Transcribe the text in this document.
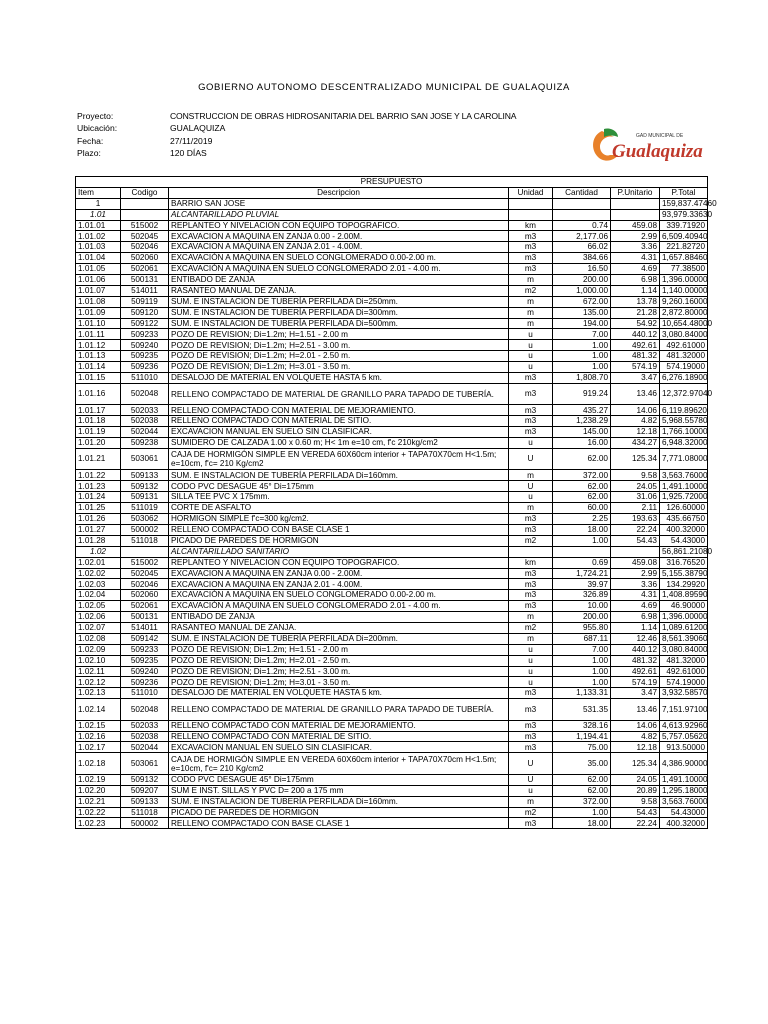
GOBIERNO AUTONOMO DESCENTRALIZADO MUNICIPAL DE GUALAQUIZA
Proyecto:	CONSTRUCCION DE OBRAS HIDROSANITARIA DEL BARRIO SAN JOSE Y LA CAROLINA
Ubicación:	GUALAQUIZA
Fecha:	27/11/2019
Plazo:	120 DÍAS
GAD MUNICIPAL DE
Gualaquiza
PRESUPUESTO						
Item	Codigo	Descripcion	Unidad	Cantidad	P.Unitario	P.Total
1		BARRIO SAN JOSE				159,837.47460
1.01		ALCANTARILLADO PLUVIAL				93,979.33630
1.01.01	515002	REPLANTEO Y NIVELACION CON EQUIPO TOPOGRAFICO.	km	0.74	459.08	339.71920
1.01.02	502045	EXCAVACION A MAQUINA EN ZANJA 0.00 - 2.00M.	m3	2,177.06	2.99	6,509.40940
1.01.03	502046	EXCAVACION A MAQUINA EN ZANJA 2.01 - 4.00M.	m3	66.02	3.36	221.82720
1.01.04	502060	EXCAVACIÓN A MAQUINA EN SUELO CONGLOMERADO 0.00-2.00 m.	m3	384.66	4.31	1,657.88460
1.01.05	502061	EXCAVACIÓN A MAQUINA EN SUELO CONGLOMERADO 2.01 - 4.00 m.	m3	16.50	4.69	77.38500
1.01.06	500131	ENTIBADO DE ZANJA	m	200.00	6.98	1,396.00000
1.01.07	514011	RASANTEO MANUAL DE ZANJA.	m2	1,000.00	1.14	1,140.00000
1.01.08	509119	SUM. E INSTALACION DE TUBERÍA PERFILADA Di=250mm.	m	672.00	13.78	9,260.16000
1.01.09	509120	SUM. E INSTALACION DE TUBERÍA PERFILADA Di=300mm.	m	135.00	21.28	2,872.80000
1.01.10	509122	SUM. E INSTALACION DE TUBERÍA PERFILADA Di=500mm.	m	194.00	54.92	10,654.48000
1.01.11	509233	POZO DE REVISION; Di=1.2m; H=1.51 - 2.00 m	u	7.00	440.12	3,080.84000
1.01.12	509240	POZO DE REVISION; Di=1.2m; H=2.51 - 3.00 m.	u	1.00	492.61	492.61000
1.01.13	509235	POZO DE REVISION; Di=1.2m; H=2.01 - 2.50 m.	u	1.00	481.32	481.32000
1.01.14	509236	POZO DE REVISION; Di=1.2m; H=3.01 - 3.50 m.	u	1.00	574.19	574.19000
1.01.15	511010	DESALOJO DE MATERIAL EN VOLQUETE HASTA 5 km.	m3	1,808.70	3.47	6,276.18900
1.01.16	502048	RELLENO COMPACTADO DE MATERIAL DE GRANILLO PARA TAPADO DE TUBERÍA.	m3	919.24	13.46	12,372.97040
1.01.17	502033	RELLENO COMPACTADO CON MATERIAL DE MEJORAMIENTO.	m3	435.27	14.06	6,119.89620
1.01.18	502038	RELLENO COMPACTADO CON MATERIAL DE SITIO.	m3	1,238.29	4.82	5,968.55780
1.01.19	502044	EXCAVACION MANUAL EN SUELO SIN CLASIFICAR.	m3	145.00	12.18	1,766.10000
1.01.20	509238	SUMIDERO DE CALZADA 1.00 x 0.60 m; H< 1m e=10 cm, f'c 210kg/cm2	u	16.00	434.27	6,948.32000
1.01.21	503061	CAJA DE HORMIGÓN SIMPLE EN VEREDA 60X60cm interior + TAPA70X70cm H<1.5m; e=10cm, f'c= 210 Kg/cm2	U	62.00	125.34	7,771.08000
1.01.22	509133	SUM. E INSTALACION DE TUBERÍA PERFILADA Di=160mm.	m	372.00	9.58	3,563.76000
1.01.23	509132	CODO PVC DESAGUE 45° Di=175mm	U	62.00	24.05	1,491.10000
1.01.24	509131	SILLA TEE PVC X 175mm.	u	62.00	31.06	1,925.72000
1.01.25	511019	CORTE DE ASFALTO	m	60.00	2.11	126.60000
1.01.26	503062	HORMIGON SIMPLE f'c=300 kg/cm2.	m3	2.25	193.63	435.66750
1.01.27	500002	RELLENO COMPACTADO CON BASE CLASE 1	m3	18.00	22.24	400.32000
1.01.28	511018	PICADO DE PAREDES DE HORMIGON	m2	1.00	54.43	54.43000
1.02		ALCANTARILLADO SANITARIO				56,861.21080
1.02.01	515002	REPLANTEO Y NIVELACION CON EQUIPO TOPOGRAFICO.	km	0.69	459.08	316.76520
1.02.02	502045	EXCAVACION A MAQUINA EN ZANJA 0.00 - 2.00M.	m3	1,724.21	2.99	5,155.38790
1.02.03	502046	EXCAVACION A MAQUINA EN ZANJA 2.01 - 4.00M.	m3	39.97	3.36	134.29920
1.02.04	502060	EXCAVACIÓN A MAQUINA EN SUELO CONGLOMERADO 0.00-2.00 m.	m3	326.89	4.31	1,408.89590
1.02.05	502061	EXCAVACIÓN A MAQUINA EN SUELO CONGLOMERADO 2.01 - 4.00 m.	m3	10.00	4.69	46.90000
1.02.06	500131	ENTIBADO DE ZANJA	m	200.00	6.98	1,396.00000
1.02.07	514011	RASANTEO MANUAL DE ZANJA.	m2	955.80	1.14	1,089.61200
1.02.08	509142	SUM. E INSTALACION DE TUBERÍA PERFILADA Di=200mm.	m	687.11	12.46	8,561.39060
1.02.09	509233	POZO DE REVISION; Di=1.2m; H=1.51 - 2.00 m	u	7.00	440.12	3,080.84000
1.02.10	509235	POZO DE REVISION; Di=1.2m; H=2.01 - 2.50 m.	u	1.00	481.32	481.32000
1.02.11	509240	POZO DE REVISION; Di=1.2m; H=2.51 - 3.00 m.	u	1.00	492.61	492.61000
1.02.12	509236	POZO DE REVISION; Di=1.2m; H=3.01 - 3.50 m.	u	1.00	574.19	574.19000
1.02.13	511010	DESALOJO DE MATERIAL EN VOLQUETE HASTA 5 km.	m3	1,133.31	3.47	3,932.58570
1.02.14	502048	RELLENO COMPACTADO DE MATERIAL DE GRANILLO PARA TAPADO DE TUBERÍA.	m3	531.35	13.46	7,151.97100
1.02.15	502033	RELLENO COMPACTADO CON MATERIAL DE MEJORAMIENTO.	m3	328.16	14.06	4,613.92960
1.02.16	502038	RELLENO COMPACTADO CON MATERIAL DE SITIO.	m3	1,194.41	4.82	5,757.05620
1.02.17	502044	EXCAVACION MANUAL EN SUELO SIN CLASIFICAR.	m3	75.00	12.18	913.50000
1.02.18	503061	CAJA DE HORMIGÓN SIMPLE EN VEREDA 60X60cm interior + TAPA70X70cm H<1.5m; e=10cm, f'c= 210 Kg/cm2	U	35.00	125.34	4,386.90000
1.02.19	509132	CODO PVC DESAGUE 45° Di=175mm	U	62.00	24.05	1,491.10000
1.02.20	509207	SUM E INST. SILLAS Y PVC D= 200 a 175 mm	u	62.00	20.89	1,295.18000
1.02.21	509133	SUM. E INSTALACION DE TUBERÍA PERFILADA Di=160mm.	m	372.00	9.58	3,563.76000
1.02.22	511018	PICADO DE PAREDES DE HORMIGON	m2	1.00	54.43	54.43000
1.02.23	500002	RELLENO COMPACTADO CON BASE CLASE 1	m3	18.00	22.24	400.32000
